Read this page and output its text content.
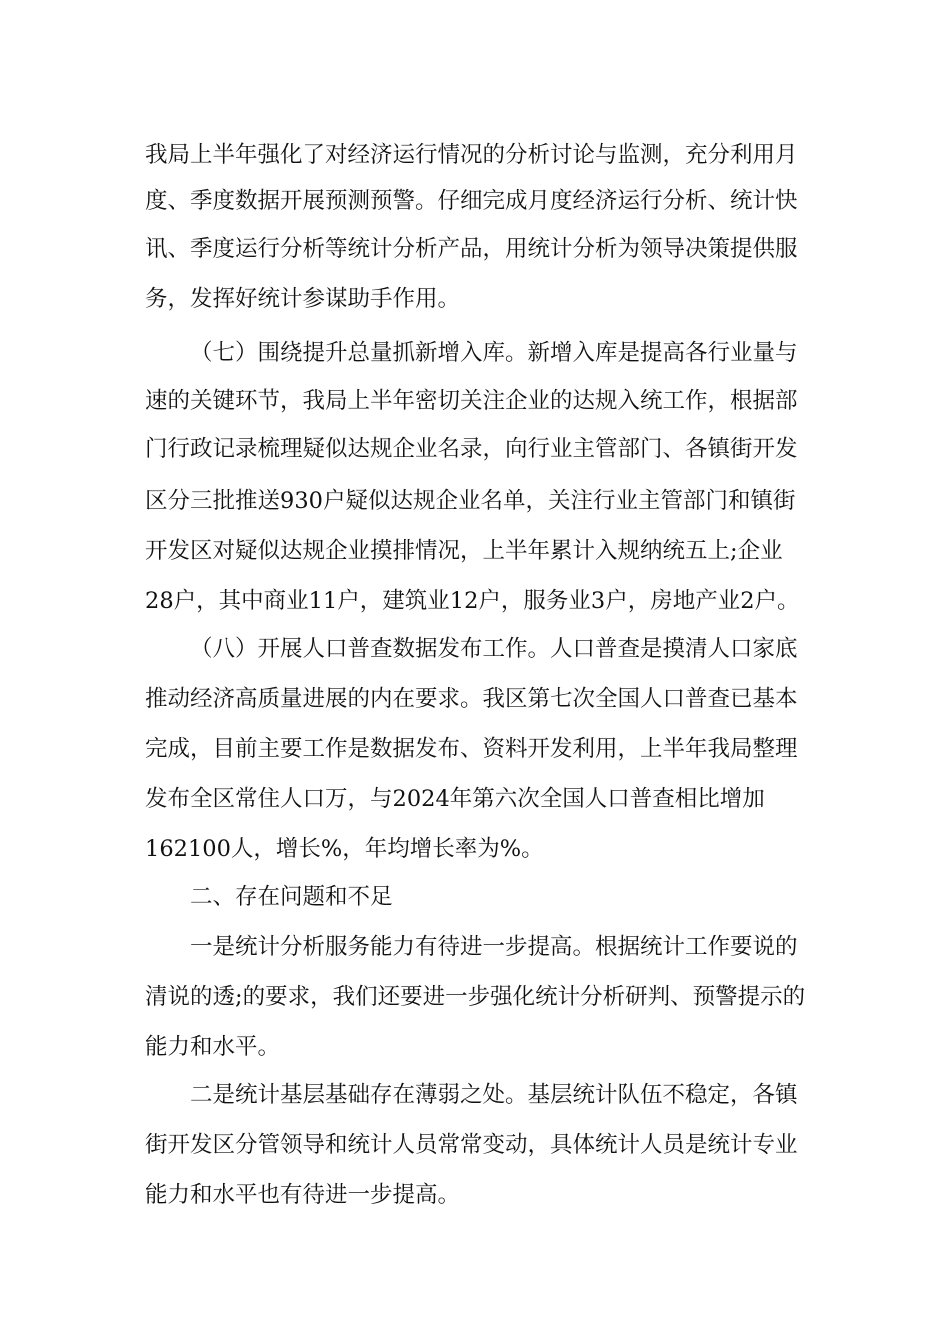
我局上半年强化了对经济运行情况的分析讨论与监测，充分利用月
度、季度数据开展预测预警。仔细完成月度经济运行分析、统计快
讯、季度运行分析等统计分析产品，用统计分析为领导决策提供服
务，发挥好统计参谋助手作用。
（七）围绕提升总量抓新增入库。新增入库是提高各行业量与
速的关键环节，我局上半年密切关注企业的达规入统工作，根据部
门行政记录梳理疑似达规企业名录，向行业主管部门、各镇街开发
区分三批推送930户疑似达规企业名单，关注行业主管部门和镇街
开发区对疑似达规企业摸排情况，上半年累计入规纳统五上;企业
28户，其中商业11户，建筑业12户，服务业3户，房地产业2户。
（八）开展人口普查数据发布工作。人口普查是摸清人口家底
推动经济高质量进展的内在要求。我区第七次全国人口普查已基本
完成，目前主要工作是数据发布、资料开发利用，上半年我局整理
发布全区常住人口万，与2024年第六次全国人口普查相比增加
162100人，增长%，年均增长率为%。
二、存在问题和不足
一是统计分析服务能力有待进一步提高。根据统计工作要说的
清说的透;的要求，我们还要进一步强化统计分析研判、预警提示的
能力和水平。
二是统计基层基础存在薄弱之处。基层统计队伍不稳定，各镇
街开发区分管领导和统计人员常常变动，具体统计人员是统计专业
能力和水平也有待进一步提高。
